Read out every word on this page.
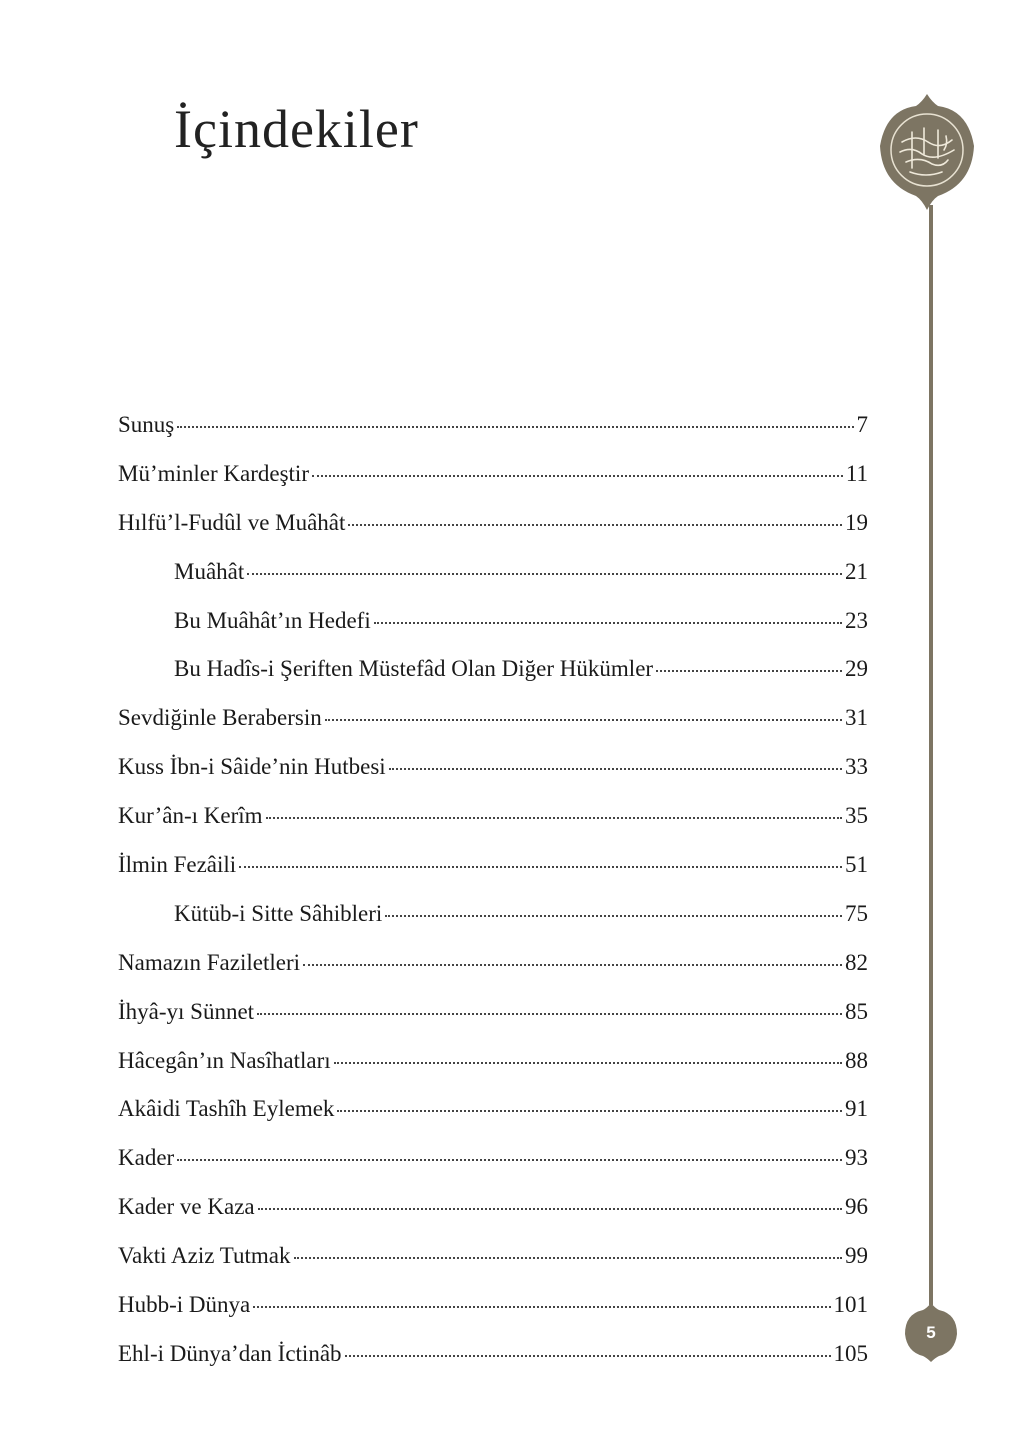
İçindekiler
5
Sunuş	7
Mü’minler Kardeştir	11
Hılfü’l-Fudûl ve Muâhât	19
Muâhât	21
Bu Muâhât’ın Hedefi	23
Bu Hadîs-i Şeriften Müstefâd Olan Diğer Hükümler	29
Sevdiğinle Berabersin	31
Kuss İbn-i Sâide’nin Hutbesi	33
Kur’ân-ı Kerîm	35
İlmin Fezâili	51
Kütüb-i Sitte Sâhibleri	75
Namazın Faziletleri	82
İhyâ-yı Sünnet	85
Hâcegân’ın Nasîhatları	88
Akâidi Tashîh Eylemek	91
Kader	93
Kader ve Kaza	96
Vakti Aziz Tutmak	99
Hubb-i Dünya	101
Ehl-i Dünya’dan İctinâb	105
